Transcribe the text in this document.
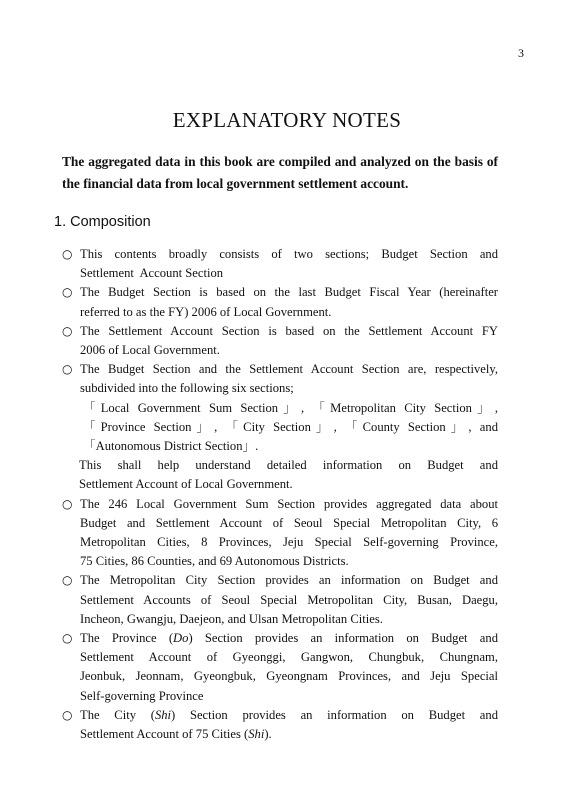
3
EXPLANATORY NOTES
The aggregated data in this book are compiled and analyzed on the basis of the financial data from local government settlement account.
1. Composition
○ This contents broadly consists of two sections; Budget Section and
Settlement  Account Section
○ The Budget Section is based on the last Budget Fiscal Year (hereinafter
referred to as the FY) 2006 of Local Government.
○ The Settlement Account Section is based on the Settlement Account FY
2006 of Local Government.
○ The Budget Section and the Settlement Account Section are, respectively,
subdivided into the following six sections;
「Local Government Sum Section」, 「Metropolitan City Section」,
「Province Section」, 「City Section」, 「County Section」, and
「Autonomous District Section」.
This shall help understand detailed information on Budget and
Settlement Account of Local Government.
○ The 246 Local Government Sum Section provides aggregated data about
Budget and Settlement Account of Seoul Special Metropolitan City, 6
Metropolitan Cities, 8 Provinces, Jeju Special Self-governing Province,
75 Cities, 86 Counties, and 69 Autonomous Districts.
○ The Metropolitan City Section provides an information on Budget and
Settlement Accounts of Seoul Special Metropolitan City, Busan, Daegu,
Incheon, Gwangju, Daejeon, and Ulsan Metropolitan Cities.
○ The Province (Do) Section provides an information on Budget and
Settlement Account of Gyeonggi, Gangwon, Chungbuk, Chungnam,
Jeonbuk, Jeonnam, Gyeongbuk, Gyeongnam Provinces, and Jeju Special
Self-governing Province
○ The City (Shi) Section provides an information on Budget and
Settlement Account of 75 Cities (Shi).
